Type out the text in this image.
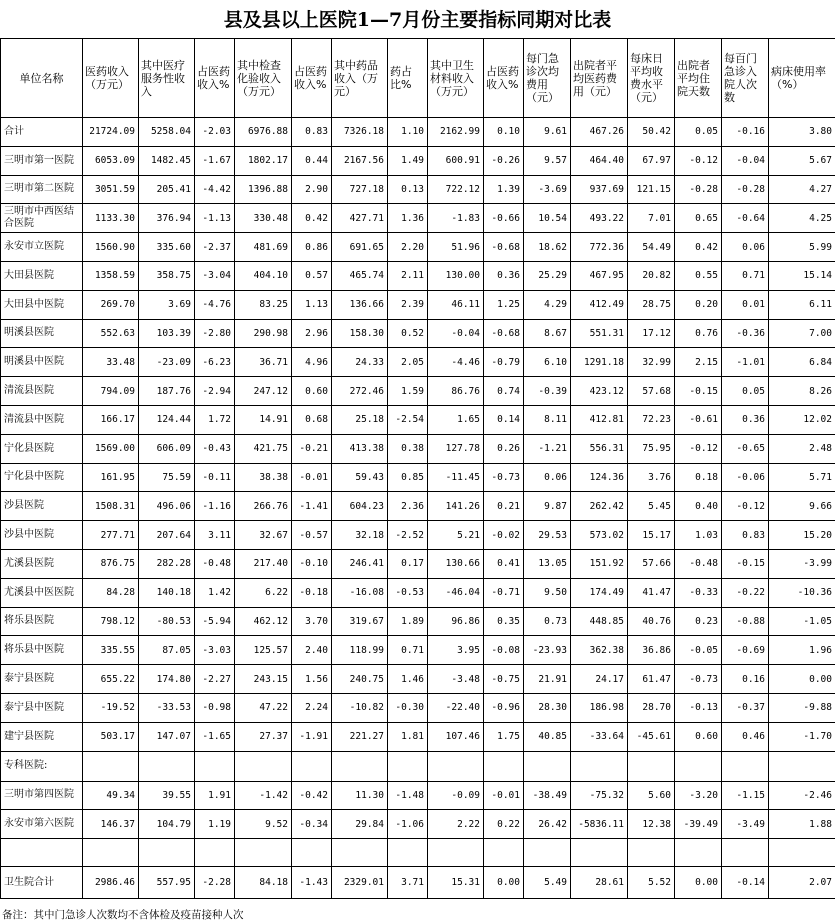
县及县以上医院1—7月份主要指标同期对比表
单位名称	医药收入（万元）	其中医疗服务性收入	占医药收入%	其中检查化验收入（万元）	占医药收入%	其中药品收入（万元）	药占比%	其中卫生材料收入（万元）	占医药收入%	每门急诊次均费用（元）	出院者平均医药费用（元）	每床日平均收费水平（元）	出院者平均住院天数	每百门急诊入院人次数	病床使用率（%）
合计	21724.09	5258.04	-2.03	6976.88	0.83	7326.18	1.10	2162.99	0.10	9.61	467.26	50.42	0.05	-0.16	3.80
三明市第一医院	6053.09	1482.45	-1.67	1802.17	0.44	2167.56	1.49	600.91	-0.26	9.57	464.40	67.97	-0.12	-0.04	5.67
三明市第二医院	3051.59	205.41	-4.42	1396.88	2.90	727.18	0.13	722.12	1.39	-3.69	937.69	121.15	-0.28	-0.28	4.27
三明市中西医结合医院	1133.30	376.94	-1.13	330.48	0.42	427.71	1.36	-1.83	-0.66	10.54	493.22	7.01	0.65	-0.64	4.25
永安市立医院	1560.90	335.60	-2.37	481.69	0.86	691.65	2.20	51.96	-0.68	18.62	772.36	54.49	0.42	0.06	5.99
大田县医院	1358.59	358.75	-3.04	404.10	0.57	465.74	2.11	130.00	0.36	25.29	467.95	20.82	0.55	0.71	15.14
大田县中医院	269.70	3.69	-4.76	83.25	1.13	136.66	2.39	46.11	1.25	4.29	412.49	28.75	0.20	0.01	6.11
明溪县医院	552.63	103.39	-2.80	290.98	2.96	158.30	0.52	-0.04	-0.68	8.67	551.31	17.12	0.76	-0.36	7.00
明溪县中医院	33.48	-23.09	-6.23	36.71	4.96	24.33	2.05	-4.46	-0.79	6.10	1291.18	32.99	2.15	-1.01	6.84
清流县医院	794.09	187.76	-2.94	247.12	0.60	272.46	1.59	86.76	0.74	-0.39	423.12	57.68	-0.15	0.05	8.26
清流县中医院	166.17	124.44	1.72	14.91	0.68	25.18	-2.54	1.65	0.14	8.11	412.81	72.23	-0.61	0.36	12.02
宁化县医院	1569.00	606.09	-0.43	421.75	-0.21	413.38	0.38	127.78	0.26	-1.21	556.31	75.95	-0.12	-0.65	2.48
宁化县中医院	161.95	75.59	-0.11	38.38	-0.01	59.43	0.85	-11.45	-0.73	0.06	124.36	3.76	0.18	-0.06	5.71
沙县医院	1508.31	496.06	-1.16	266.76	-1.41	604.23	2.36	141.26	0.21	9.87	262.42	5.45	0.40	-0.12	9.66
沙县中医院	277.71	207.64	3.11	32.67	-0.57	32.18	-2.52	5.21	-0.02	29.53	573.02	15.17	1.03	0.83	15.20
尤溪县医院	876.75	282.28	-0.48	217.40	-0.10	246.41	0.17	130.66	0.41	13.05	151.92	57.66	-0.48	-0.15	-3.99
尤溪县中医医院	84.28	140.18	1.42	6.22	-0.18	-16.08	-0.53	-46.04	-0.71	9.50	174.49	41.47	-0.33	-0.22	-10.36
将乐县医院	798.12	-80.53	-5.94	462.12	3.70	319.67	1.89	96.86	0.35	0.73	448.85	40.76	0.23	-0.88	-1.05
将乐县中医院	335.55	87.05	-3.03	125.57	2.40	118.99	0.71	3.95	-0.08	-23.93	362.38	36.86	-0.05	-0.69	1.96
泰宁县医院	655.22	174.80	-2.27	243.15	1.56	240.75	1.46	-3.48	-0.75	21.91	24.17	61.47	-0.73	0.16	0.00
泰宁县中医院	-19.52	-33.53	-0.98	47.22	2.24	-10.82	-0.30	-22.40	-0.96	28.30	186.98	28.70	-0.13	-0.37	-9.88
建宁县医院	503.17	147.07	-1.65	27.37	-1.91	221.27	1.81	107.46	1.75	40.85	-33.64	-45.61	0.60	0.46	-1.70
专科医院:															
三明市第四医院	49.34	39.55	1.91	-1.42	-0.42	11.30	-1.48	-0.09	-0.01	-38.49	-75.32	5.60	-3.20	-1.15	-2.46
永安市第六医院	146.37	104.79	1.19	9.52	-0.34	29.84	-1.06	2.22	0.22	26.42	-5836.11	12.38	-39.49	-3.49	1.88

卫生院合计	2986.46	557.95	-2.28	84.18	-1.43	2329.01	3.71	15.31	0.00	5.49	28.61	5.52	0.00	-0.14	2.07
备注：其中门急诊人次数均不含体检及疫苗接种人次
